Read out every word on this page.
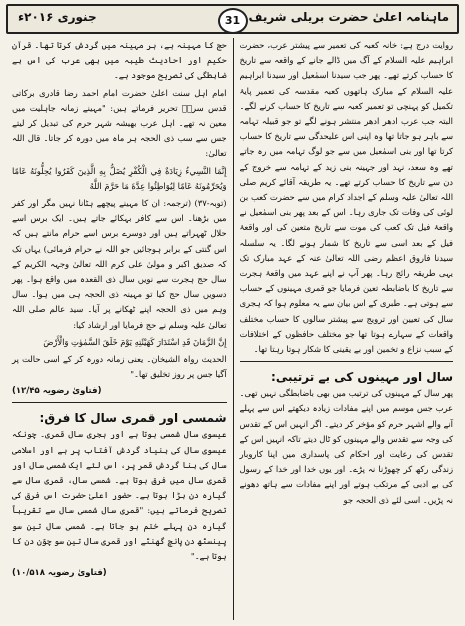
ماہنامہ اعلیٰ حضرت بریلی شریف
31
جنوری ۲۰۱۶ء

روایت درج ہے: خانہ کعبہ کی تعمیر سے پیشتر عرب، حضرت ابراہیم علیہ السلام کے آگ میں ڈالے جانے کے واقعہ سے تاریخ کا حساب کرتے تھے۔ پھر جب سیدنا اسمٰعیل اور سیدنا ابراہیم علیہ السلام کے مبارک ہاتھوں کعبہ مقدسہ کی تعمیر پایۂ تکمیل کو پہنچی تو تعمیر کعبہ سے تاریخ کا حساب کرنے لگے۔ البتہ جب عرب ادھر ادھر منتشر ہونے لگے تو جو قبیلہ تہامہ سے باہر ہو جاتا تھا وہ اپنی اس علیحدگی سے تاریخ کا حساب کرتا تھا اور بنی اسمٰعیل میں سے جو لوگ تہامہ میں رہ جاتے تھے وہ سعد، نہد اور جہینہ بنی زید کے تہامہ سے خروج کے دن سے تاریخ کا حساب کرتے تھے۔ یہ طریقہ آقائے کریم صلی اللہ تعالیٰ علیہ وسلم کے اجداد کرام میں سے حضرت کعب بن لوئی کی وفات تک جاری رہا۔ اس کے بعد پھر بنی اسمٰعیل نے واقعۂ فیل تک کعب کی موت سے تاریخ متعین کی اور واقعۂ فیل کے بعد اسی سے تاریخ کا شمار ہونے لگا۔ یہ سلسلہ سیدنا فاروق اعظم رضی اللہ تعالیٰ عنہ کے عہد مبارک تک یہی طریقہ رائج رہا۔ پھر آپ نے اپنے عہد میں واقعۂ ہجرت سے تاریخ کا باضابطہ تعین فرمایا جو قمری مہینوں کے حساب سے ہوتی ہے۔ طبری کے اس بیان سے یہ معلوم ہوا کہ ہجری سال کی تعیین اور ترویج سے پیشتر سالوں کا حساب مختلف واقعات کے سہارے ہوتا تھا جو مختلف حافظوں کے اختلافات کے سبب نزاع و تخمین اور بے یقینی کا شکار ہوتا رہتا تھا۔

سال اور مہینوں کی بے ترتیبی:

پھر سال کے مہینوں کی ترتیب میں بھی باضابطگی نہیں تھی۔ عرب جس موسم میں اپنے مفادات زیادہ دیکھتے اس سے پہلے آنے والے اشہر حرم کو مؤخر کر دیتے۔ اگر انہیں اس کے تقدس کی وجہ سے تقدس والے مہینوں کو ٹال دیتے تاکہ انہیں اس کے تقدس کی رعایت اور احکام کی پاسداری میں اپنا کاروبار زندگی رکھ کر چھوڑنا نہ پڑے۔ اور یوں خدا اور خدا کے رسول کی بے ادبی کے مرتکب ہوتے اور اپنے مفادات سے ہاتھ دھونے نہ پڑیں۔ اسی لئے ذی الحجہ جو

حج کا مہینہ ہے، ہر مہینہ میں گردش کرتا تھا۔ قرآن حکیم اور احادیث طیبہ میں بھی عرب کی اس بے ضابطگی کی تصریح موجود ہے۔

امام اہل سنت اعلیٰ حضرت امام احمد رضا قادری برکاتی قدس سرہٗ تحریر فرماتے ہیں: "مہینے زمانہ جاہلیت میں معین نہ تھے۔ اہل عرب بھیشہ شہر حرم کی تبدیل کر لیتے جس سے سب ذی الحجہ ہر ماہ میں دورہ کر جاتا۔ قال اللہ تعالیٰ:

إِنَّمَا النَّسِيءُ زِيَادَةٌ فِي الْكُفْرِ يُضَلُّ بِهِ الَّذِينَ كَفَرُوا يُحِلُّونَهُ عَامًا وَيُحَرِّمُونَهُ عَامًا لِيُوَاطِئُوا عِدَّةَ مَا حَرَّمَ اللَّهُ

(توبہ-۳۷) (ترجمہ: ان کا مہینے پیچھے ہٹانا نہیں مگر اور کفر میں بڑھنا۔ اس سے کافر بہکائے جاتے ہیں۔ ایک برس اسے حلال ٹھہراتے ہیں اور دوسرے برس اسے حرام مانتے ہیں کہ اس گنتی کے برابر ہوجائیں جو اللہ نے حرام فرمائی) یہاں تک کہ صدیق اکبر و مولیٰ علی کرم اللہ تعالیٰ وجہہ الکریم کے سال حج ہجرت سے نویں سال ذی القعدہ میں واقع ہوا۔ پھر دسویں سال حج کیا تو مہینہ ذی الحجہ ہی میں ہوا۔ سال وہم میں ذی الحجہ اپنے ٹھکانے پر آیا۔ سید عالم صلی اللہ تعالیٰ علیہ وسلم نے حج فرمایا اور ارشاد کیا:

إِنَّ الزَّمَانَ قَدِ اسْتَدَارَ كَهَيْئَتِهِ يَوْمَ خَلَقَ السَّمٰوٰتِ وَالْأَرْضَ

الحدیث رواہ الشیخان۔ یعنی زمانہ دورہ کر کے اسی حالت پر آگیا جس پر روز تخلیق تھا۔"

(فتاویٰ رضویہ ۱۲/۴۵)
شمسی اور قمری سال کا فرق:

عیسوی سال شمسی ہوتا ہے اور ہجری سال قمری۔ چونکہ عیسوی سال کی بنیاد گردش آفتاب پر ہے اور اسلامی سال کی بنا گردش قمر پر، اس لئے ایک شمسی سال اور قمری سال میں فرق ہوتا ہے۔ شمسی سال، قمری سال سے گیارہ دن بڑا ہوتا ہے۔ حضور اعلیٰ حضرت اس فرق کی تصریح فرماتے ہیں: "قمری سال شمسی سال سے تقریباً گیارہ دن پہلے ختم ہو جاتا ہے۔ شمسی سال تین سو پینسٹھ دن پانچ گھنٹے اور قمری سال تین سو چوّن دن کا ہوتا ہے۔"

(فتاویٰ رضویہ ۱۰/۵۱۸)
